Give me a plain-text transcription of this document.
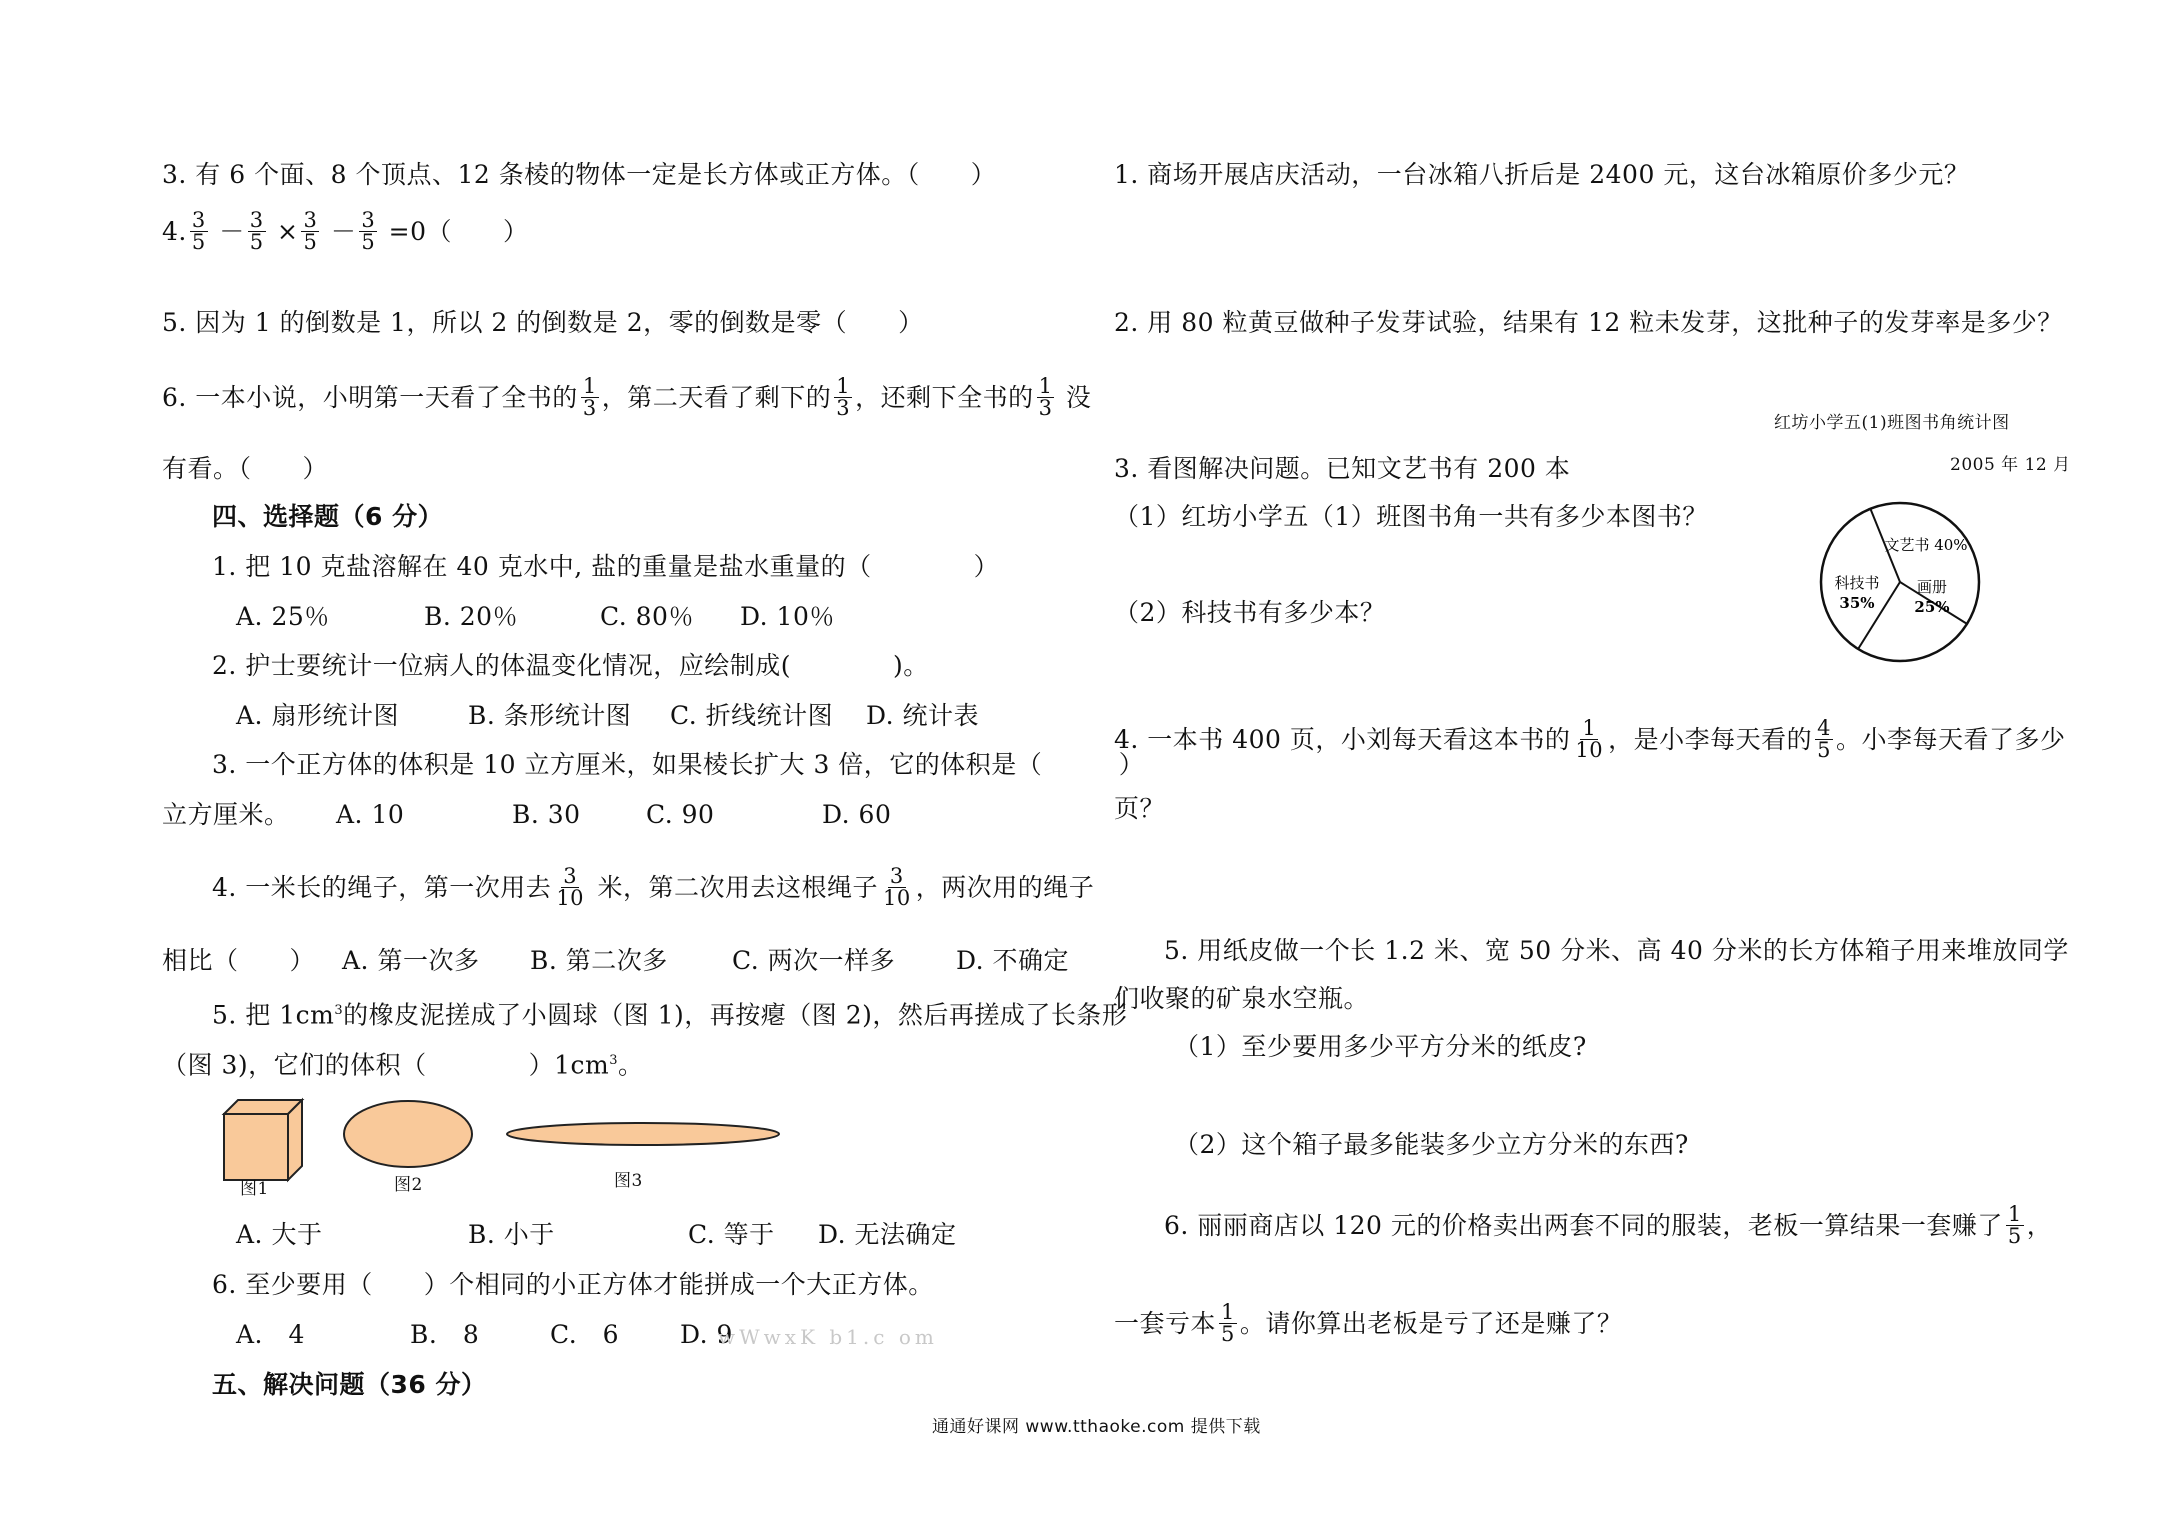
3. 有 6 个面、8 个顶点、12 条棱的物体一定是长方体或正方体。（　　）
4. $\frac{3}{5} - \frac{3}{5} \times \frac{3}{5} - \frac{3}{5} =0$（　　）
5. 因为 1 的倒数是 1，所以 2 的倒数是 2，零的倒数是零（　　）
6. 一本小说，小明第一天看了全书的 $\frac{1}{3}$ ，第二天看了剩下的 $\frac{1}{3}$ ，还剩下全书的 $\frac{1}{3}$ 没
有看。（　　）
四、选择题（6 分）
1. 把 10 克盐溶解在 40 克水中, 盐的重量是盐水重量的（　　　　）
A. 25％	B. 20％	C. 80％ D. 10％
2. 护士要统计一位病人的体温变化情况，应绘制成(　　　　)。
A. 扇形统计图	B. 条形统计图 C. 折线统计图 D. 统计表
3. 一个正方体的体积是 10 立方厘米，如果棱长扩大 3 倍，它的体积是（　　　）
立方厘米。 A. 10	B. 30	C. 90	D. 60
4. 一米长的绳子，第一次用去 $\frac{3}{10}$ 米，第二次用去这根绳子 $\frac{3}{10}$ ，两次用的绳子
相比（　　） A. 第一次多 B. 第二次多	C. 两次一样多 D. 不确定
5. 把 $1cm^3$的橡皮泥搓成了小圆球（图 1)，再按瘪（图 2)，然后再搓成了长条形
（图 3)，它们的体积（　　　　）$1cm^3$。
图1	图2	图3
A. 大于	B. 小于	C. 等于 D. 无法确定
6. 至少要用（　　）个相同的小正方体才能拼成一个大正方体。
A.　4	B.　8	C.　6 D. 9
wWwxK b1.c om
五、解决问题（36 分）
1. 商场开展店庆活动，一台冰箱八折后是 2400 元，这台冰箱原价多少元？
2. 用 80 粒黄豆做种子发芽试验，结果有 12 粒未发芽，这批种子的发芽率是多少？
红坊小学五(1)班图书角统计图
2005 年 12 月
3. 看图解决问题。已知文艺书有 200 本
（1）红坊小学五（1）班图书角一共有多少本图书？
（2）科技书有多少本？
文艺书 40%
画册
25%
科技书
35%
4. 一本书 400 页，小刘每天看这本书的 $\frac{1}{10}$ ，是小李每天看的 $\frac{4}{5}$ 。小李每天看了多少
页？
5. 用纸皮做一个长 1.2 米、宽 50 分米、高 40 分米的长方体箱子用来堆放同学
们收聚的矿泉水空瓶。
（1）至少要用多少平方分米的纸皮?
（2）这个箱子最多能装多少立方分米的东西?
6. 丽丽商店以 120 元的价格卖出两套不同的服装，老板一算结果一套赚了 $\frac{1}{5}$ ，
一套亏本 $\frac{1}{5}$ 。请你算出老板是亏了还是赚了？
通通好课网 www.tthaoke.com 提供下载
